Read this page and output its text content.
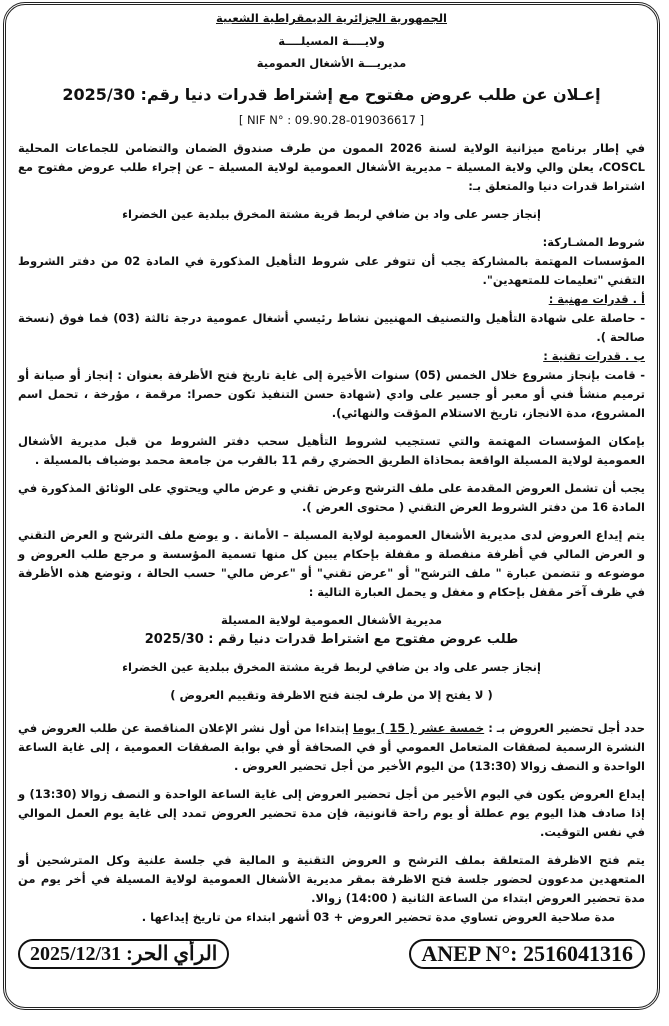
الجمهورية الجزائرية الديمقراطية الشعبية

ولايــــة المسيلــــة

مديريـــة الأشغال العمومية

إعـلان عن طلب عروض مفتوح مع إشتراط قدرات دنيا رقم: 2025/30

[ NIF N° : 09.90.28-019036617 ]

في إطار برنامج ميزانية الولاية لسنة 2026 الممون من طرف صندوق الضمان والتضامن للجماعات المحلية COSCL، يعلن والي ولاية المسيلة – مديرية الأشغال العمومية لولاية المسيلة – عن إجراء طلب عروض مفتوح مع اشتراط قدرات دنيا والمتعلق بـ:

إنجاز جسر على واد بن ضافي لربط قرية مشتة المخرق ببلدية عين الخضراء

شروط المشـاركة:

المؤسسات المهتمة بالمشاركة يجب أن تتوفر على شروط التأهيل المذكورة في المادة 02 من دفتر الشروط التقني "تعليمات للمتعهدين".

أ . قدرات مهنية :

- حاصلة على شهادة التأهيل والتصنيف المهنيين نشاط رئيسي أشغال عمومية درجة ثالثة (03) فما فوق (نسخة صالحة ).

ب . قدرات تقنية :

- قامت بإنجاز مشروع خلال الخمس (05) سنوات الأخيرة إلى غاية تاريخ فتح الأظرفة بعنوان : إنجاز أو صيانة أو ترميم منشأ فني أو معبر أو جسير على وادي (شهادة حسن التنفيذ تكون حصرا: مرقمة ، مؤرخة ، تحمل اسم المشروع، مدة الانجاز، تاريخ الاستلام المؤقت والنهائي).

بإمكان المؤسسات المهتمة والتي تستجيب لشروط التأهيل سحب دفتر الشروط من قبل مديرية الأشغال العمومية لولاية المسيلة الواقعة بمحاذاة الطريق الحضري رقم 11 بالقرب من جامعة محمد بوضياف بالمسيلة .

يجب أن تشمل العروض المقدمة على ملف الترشح وعرض تقني و عرض مالي ويحتوي على الوثائق المذكورة في المادة 16 من دفتر الشروط العرض التقني ( محتوى العرض ).

يتم إيداع العروض لدى مديرية الأشغال العمومية لولاية المسيلة – الأمانة . و يوضع ملف الترشح و العرض التقني و العرض المالي في أظرفة منفصلة و مقفلة بإحكام يبين كل منها تسمية المؤسسة و مرجع طلب العروض و موضوعه و تتضمن عبارة " ملف الترشح" أو "عرض تقني" أو "عرض مالي" حسب الحالة ، وتوضع هذه الأظرفة في ظرف آخر مقفل بإحكام و مغفل و يحمل العبارة التالية :

مديرية الأشغال العمومية لولاية المسيلة

طلب عروض مفتوح مع اشتراط قدرات دنيا رقم : 2025/30

إنجاز جسر على واد بن ضافي لربط قرية مشتة المخرق ببلدية عين الخضراء

( لا يفتح إلا من طرف لجنة فتح الاظرفة وتقييم العروض )

حدد أجل تحضير العروض بـ : خمسة عشر ( 15 ) يوما إبتداءا من أول نشر الإعلان المناقصة عن طلب العروض في النشرة الرسمية لصفقات المتعامل العمومي أو في الصحافة أو في بوابة الصفقات العمومية ، إلى غاية الساعة الواحدة و النصف زوالا (13:30) من اليوم الأخير من أجل تحضير العروض .

إيداع العروض يكون في اليوم الأخير من أجل تحضير العروض إلى غاية الساعة الواحدة و النصف زوالا (13:30) و إذا صادف هذا اليوم يوم عطلة أو يوم راحة قانونية، فإن مدة تحضير العروض تمدد إلى غاية يوم العمل الموالي في نفس التوقيت.

يتم فتح الاظرفة المتعلقة بملف الترشح و العروض التقنية و المالية في جلسة علنية وكل المترشحين أو المتعهدين مدعوون لحضور جلسة فتح الاظرفة بمقر مديرية الأشغال العمومية لولاية المسيلة في أخر يوم من مدة تحضير العروض ابتداء من الساعة الثانية ( 14:00) زوالا.

مدة صلاحية العروض تساوي مدة تحضير العروض + 03 أشهر ابتداء من تاريخ إيداعها .

ANEP N°: 2516041316
الرأي الحر: 2025/12/31
